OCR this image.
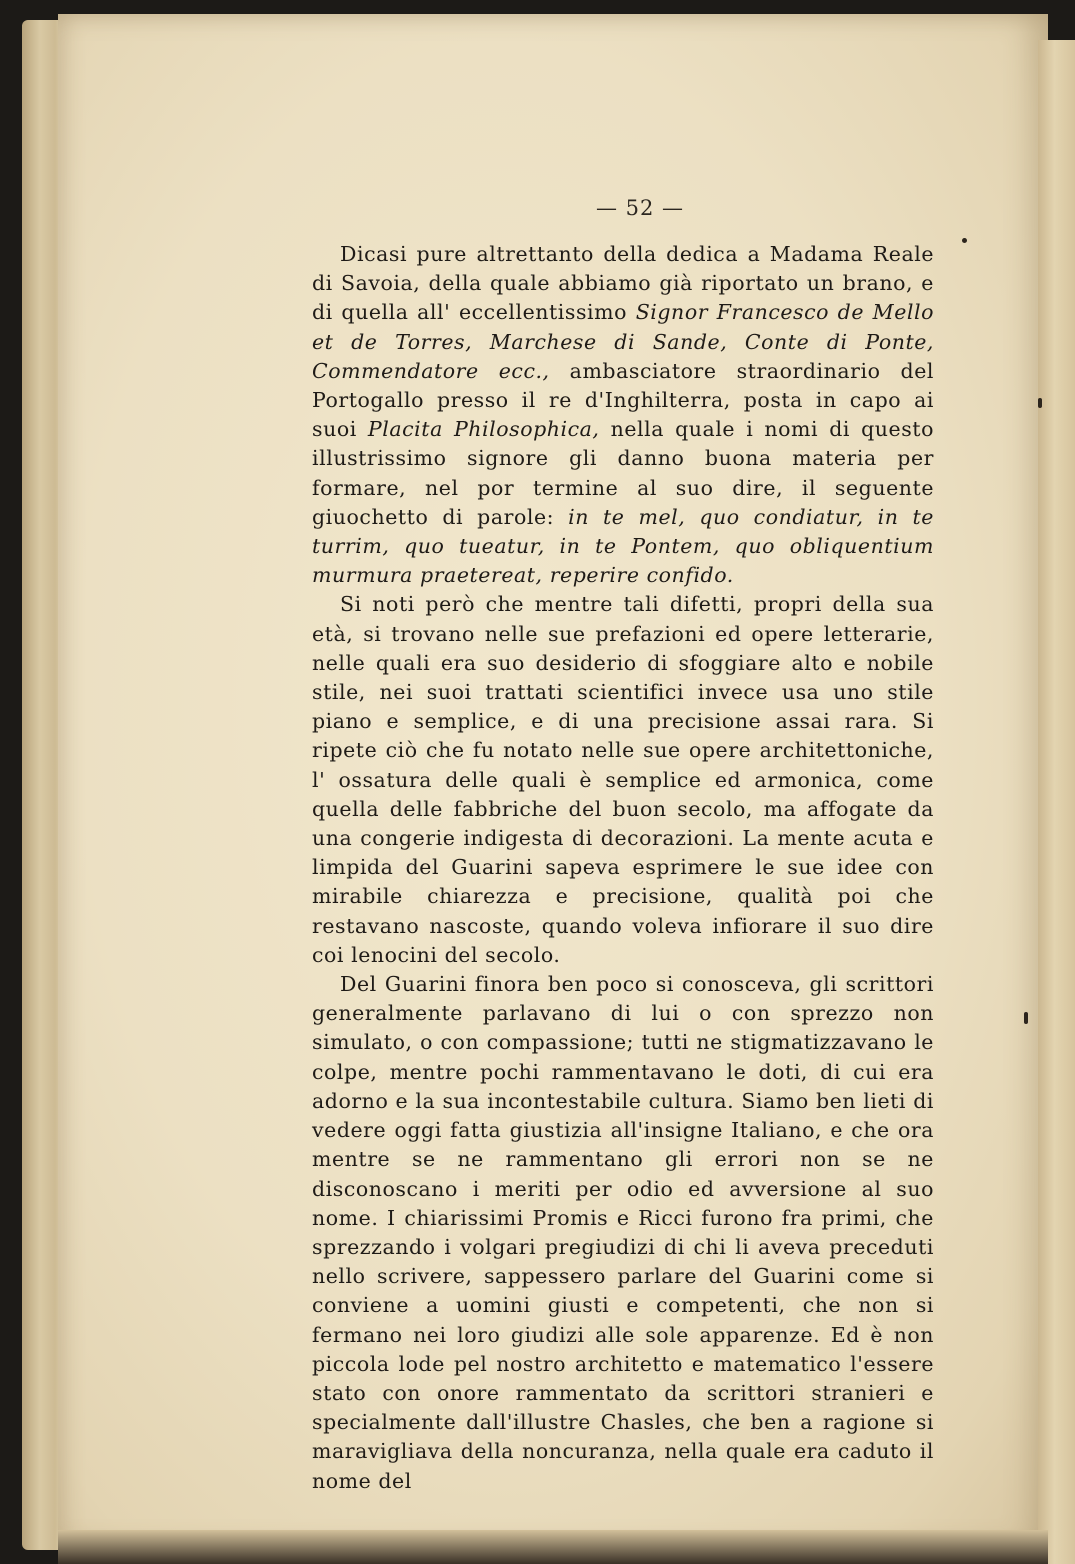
— 52 —

Dicasi pure altrettanto della dedica a Madama Reale di Savoia, della quale abbiamo già riportato un brano, e di quella all' eccellentissimo Signor Francesco de Mello et de Torres, Marchese di Sande, Conte di Ponte, Commendatore ecc., ambasciatore straordinario del Portogallo presso il re d'Inghilterra, posta in capo ai suoi Placita Philosophica, nella quale i nomi di questo illustrissimo signore gli danno buona materia per formare, nel por termine al suo dire, il seguente giuochetto di parole: in te mel, quo condiatur, in te turrim, quo tueatur, in te Pontem, quo obliquentium murmura praetereat, reperire confido.

Si noti però che mentre tali difetti, propri della sua età, si trovano nelle sue prefazioni ed opere letterarie, nelle quali era suo desiderio di sfoggiare alto e nobile stile, nei suoi trattati scientifici invece usa uno stile piano e semplice, e di una precisione assai rara. Si ripete ciò che fu notato nelle sue opere architettoniche, l' ossatura delle quali è semplice ed armonica, come quella delle fabbriche del buon secolo, ma affogate da una congerie indigesta di decorazioni. La mente acuta e limpida del Guarini sapeva esprimere le sue idee con mirabile chiarezza e precisione, qualità poi che restavano nascoste, quando voleva infiorare il suo dire coi lenocini del secolo.

Del Guarini finora ben poco si conosceva, gli scrittori generalmente parlavano di lui o con sprezzo non simulato, o con compassione; tutti ne stigmatizzavano le colpe, mentre pochi rammentavano le doti, di cui era adorno e la sua incontestabile cultura. Siamo ben lieti di vedere oggi fatta giustizia all'insigne Italiano, e che ora mentre se ne rammentano gli errori non se ne disconoscano i meriti per odio ed avversione al suo nome. I chiarissimi Promis e Ricci furono fra primi, che sprezzando i volgari pregiudizi di chi li aveva preceduti nello scrivere, sappessero parlare del Guarini come si conviene a uomini giusti e competenti, che non si fermano nei loro giudizi alle sole apparenze. Ed è non piccola lode pel nostro architetto e matematico l'essere stato con onore rammentato da scrittori stranieri e specialmente dall'illustre Chasles, che ben a ragione si maravigliava della noncuranza, nella quale era caduto il nome del
